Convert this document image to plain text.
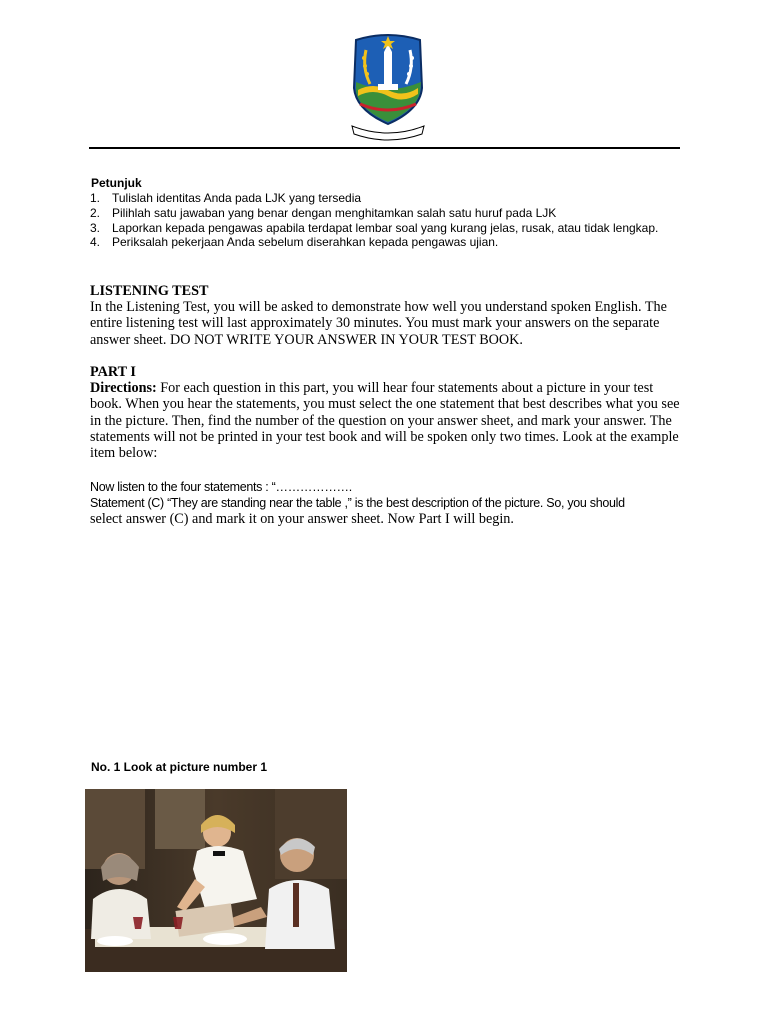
Petunjuk
1. Tulislah identitas Anda pada LJK yang tersedia
2. Pilihlah satu jawaban yang benar dengan menghitamkan salah satu huruf pada LJK
3. Laporkan kepada pengawas apabila terdapat lembar soal yang kurang jelas, rusak, atau tidak lengkap.
4. Periksalah pekerjaan Anda sebelum diserahkan kepada pengawas ujian.
LISTENING TEST

In the Listening Test, you will be asked to demonstrate how well you understand spoken English. The entire listening test will last approximately 30 minutes. You must mark your answers on the separate answer sheet. DO NOT WRITE YOUR ANSWER IN YOUR TEST BOOK.

PART I

Directions: For each question in this part, you will hear four statements about a picture in your test book. When you hear the statements, you must select the one statement that best describes what you see in the picture. Then, find the number of the question on your answer sheet, and mark your answer. The statements will not be printed in your test book and will be spoken only two times. Look at the example item below:

Now listen to the four statements : “……………….
Statement (C) “They are standing near the table ,” is the best description of the picture. So, you should
select answer (C) and mark it on your answer sheet. Now Part I will begin.
No. 1 Look at picture number 1
